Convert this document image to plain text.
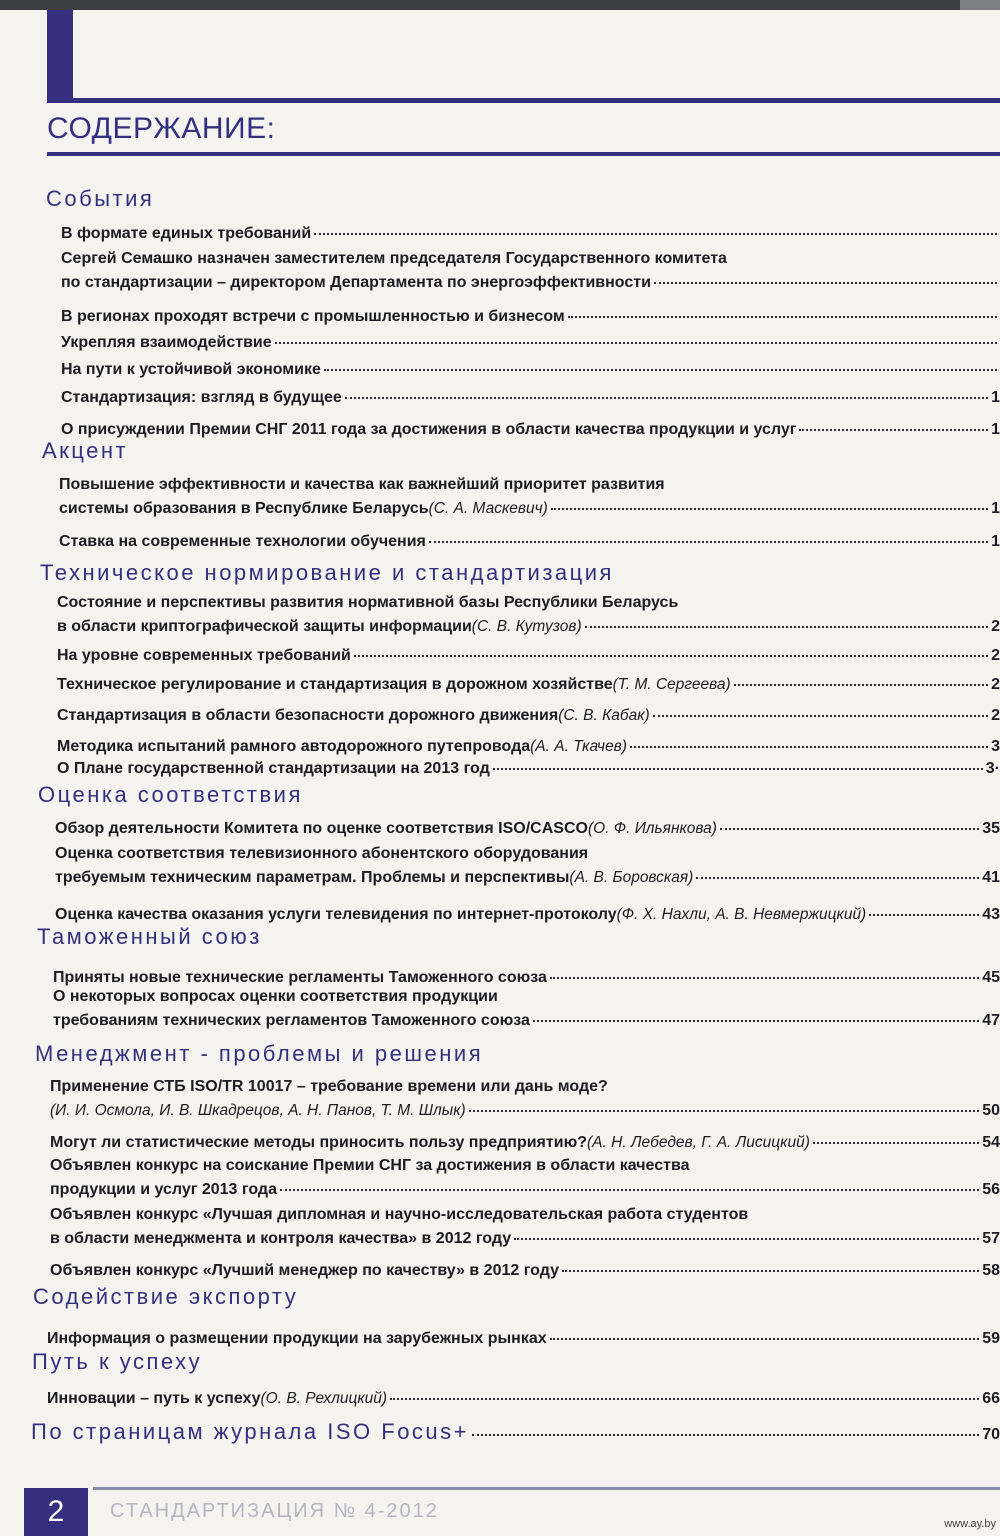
СОДЕРЖАНИЕ:
События
В формате единых требований
Сергей Семашко назначен заместителем председателя Государственного комитета
по стандартизации – директором Департамента по энергоэффективности
В регионах проходят встречи с промышленностью и бизнесом
Укрепляя взаимодействие
На пути к устойчивой экономике
Стандартизация: взгляд в будущее	1
О присуждении Премии СНГ 2011 года за достижения в области качества продукции и услуг	1
Акцент
Повышение эффективности и качества как важнейший приоритет развития
системы образования в Республике Беларусь (С. А. Маскевич)	1
Ставка на современные технологии обучения	1
Техническое нормирование и стандартизация
Состояние и перспективы развития нормативной базы Республики Беларусь
в области криптографической защиты информации (С. В. Кутузов)	2
На уровне современных требований	2
Техническое регулирование и стандартизация в дорожном хозяйстве (Т. М. Сергеева)	2
Стандартизация в области безопасности дорожного движения (С. В. Кабак)	2
Методика испытаний рамного автодорожного путепровода (А. А. Ткачев)	3
О Плане государственной стандартизации на 2013 год	3·
Оценка соответствия
Обзор деятельности Комитета по оценке соответствия ISO/CASCO (О. Ф. Ильянкова)	35
Оценка соответствия телевизионного абонентского оборудования
требуемым техническим параметрам. Проблемы и перспективы (А. В. Боровская)	41
Оценка качества оказания услуги телевидения по интернет-протоколу (Ф. Х. Нахли, А. В. Невмержицкий)	43
Таможенный союз
Приняты новые технические регламенты Таможенного союза	45
О некоторых вопросах оценки соответствия продукции
требованиям технических регламентов Таможенного союза	47
Менеджмент - проблемы и решения
Применение СТБ ISO/TR 10017 – требование времени или дань моде?
(И. И. Осмола, И. В. Шкадрецов, А. Н. Панов, Т. М. Шлык)	50
Могут ли статистические методы приносить пользу предприятию? (А. Н. Лебедев, Г. А. Лисицкий)	54
Объявлен конкурс на соискание Премии СНГ за достижения в области качества
продукции и услуг 2013 года	56
Объявлен конкурс «Лучшая дипломная и научно-исследовательская работа студентов
в области менеджмента и контроля качества» в 2012 году	57
Объявлен конкурс «Лучший менеджер по качеству» в 2012 году	58
Содействие экспорту
Информация о размещении продукции на зарубежных рынках	59
Путь к успеху
Инновации – путь к успеху (О. В. Рехлицкий)	66
По страницам журнала ISO Focus+	70
2	СТАНДАРТИЗАЦИЯ № 4-2012
www.ay.by
